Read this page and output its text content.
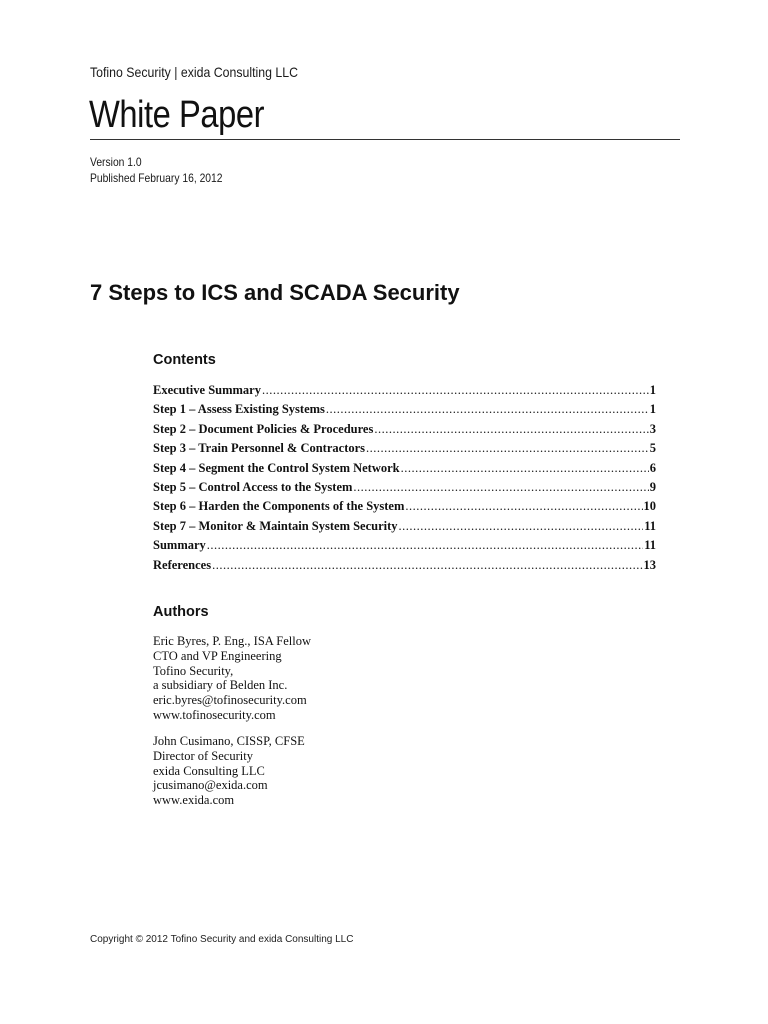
Tofino Security | exida Consulting LLC
White Paper
Version 1.0
Published February 16, 2012
7 Steps to ICS and SCADA Security
Contents
Executive Summary .....	1
Step 1 – Assess Existing Systems .....	1
Step 2 – Document Policies & Procedures .....	3
Step 3 – Train Personnel & Contractors .....	5
Step 4 – Segment the Control System Network .....	6
Step 5 – Control Access to the System .....	9
Step 6 – Harden the Components of the System .....	10
Step 7 – Monitor & Maintain System Security .....	11
Summary .....	11
References .....	13
Authors
Eric Byres, P. Eng., ISA Fellow
CTO and VP Engineering
Tofino Security,
a subsidiary of Belden Inc.
eric.byres@tofinosecurity.com
www.tofinosecurity.com
John Cusimano, CISSP, CFSE
Director of Security
exida Consulting LLC
jcusimano@exida.com
www.exida.com
Copyright © 2012 Tofino Security and exida Consulting LLC
